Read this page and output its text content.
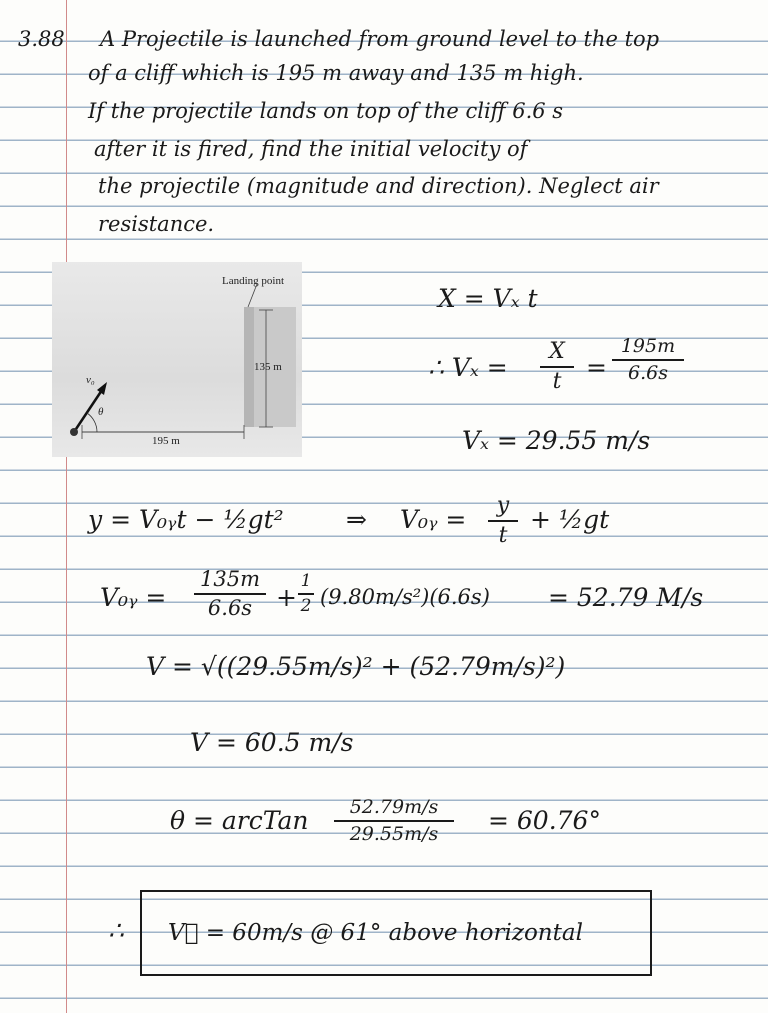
3.88 A Projectile is launched from ground level to the top
of a cliff which is 195 m away and 135 m high.
If the projectile lands on top of the cliff 6.6 s
after it is fired, find the initial velocity of
the projectile (magnitude and direction). Neglect air
resistance.
Landing point
135 m
195 m
v₀
θ
X = Vₓ t
∴ Vₓ =
X
t =
195m
6.6s
Vₓ = 29.55 m/s
y = V₀ᵧt − ½gt² ⇒ V₀ᵧ =	y
t
+ ½gt
V₀ᵧ =
135m
6.6s +
1
2 (9.80m/s²)(6.6s) = 52.79 M/s
V = √((29.55m/s)² + (52.79m/s)²)
V = 60.5 m/s
θ = arcTan	52.79m/s
29.55m/s	= 60.76°
∴ V⃗ = 60m/s @ 61° above horizontal
